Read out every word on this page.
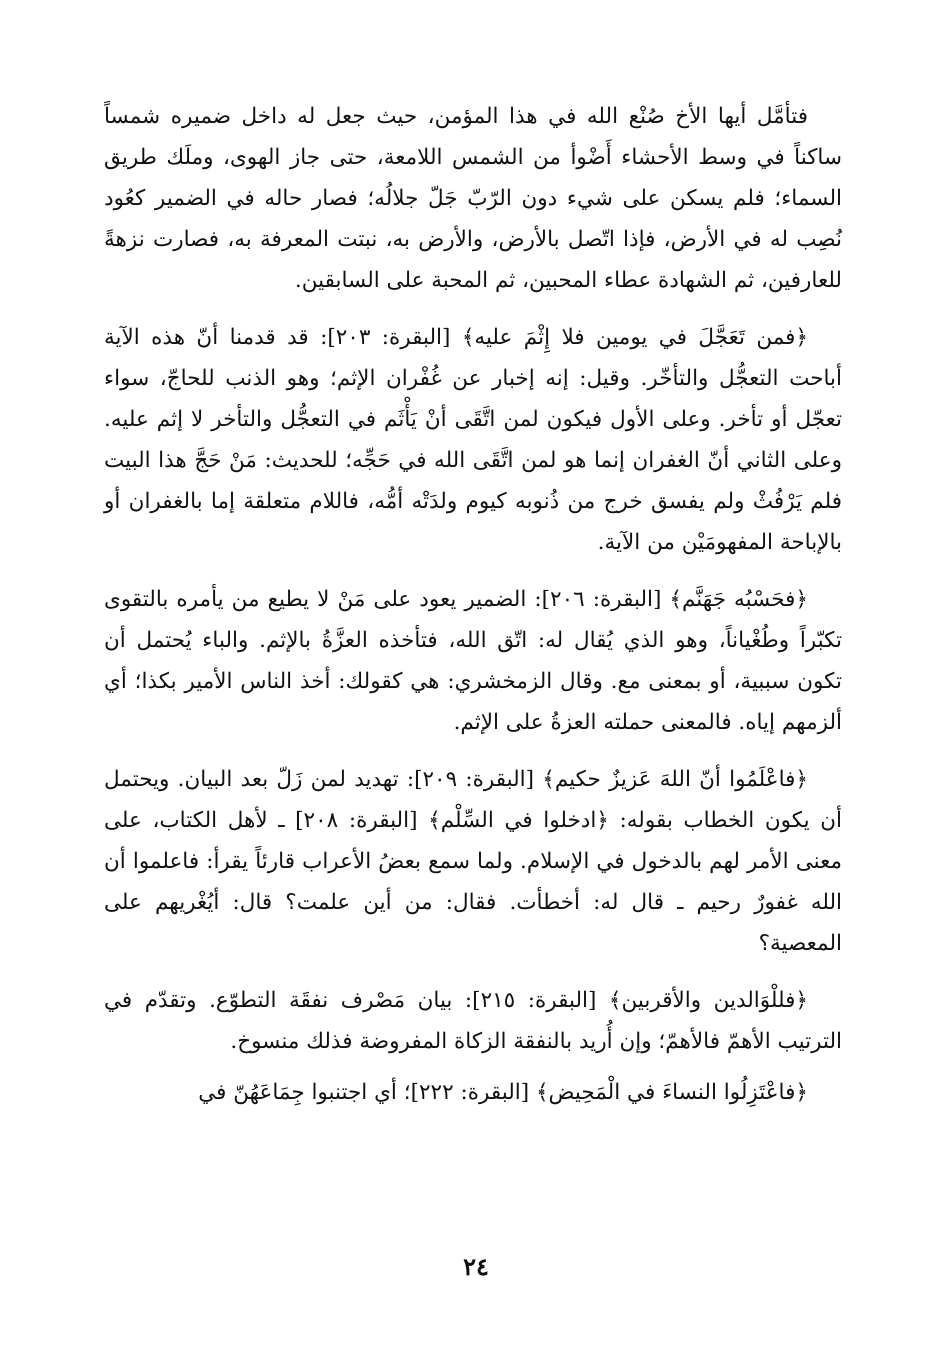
فتأمَّل أيها الأخ صُنْع الله في هذا المؤمن، حيث جعل له داخل ضميره شمساً ساكناً في وسط الأحشاء أَضْوأ من الشمس اللامعة، حتى جاز الهوى، وملَك طريق السماء؛ فلم يسكن على شيء دون الرّبّ جَلّ جلالُه؛ فصار حاله في الضمير كعُود نُصِب له في الأرض، فإذا اتّصل بالأرض، والأرض به، نبتت المعرفة به، فصارت نزهةً للعارفين، ثم الشهادة عطاء المحبين، ثم المحبة على السابقين.

﴿فمن تَعَجَّلَ في يومين فلا إِثْمَ عليه﴾ [البقرة: ٢٠٣]: قد قدمنا أنّ هذه الآية أباحت التعجُّل والتأخّر. وقيل: إنه إخبار عن غُفْران الإثم؛ وهو الذنب للحاجّ، سواء تعجّل أو تأخر. وعلى الأول فيكون لمن اتَّقَى أنْ يَأْثَم في التعجُّل والتأخر لا إثم عليه. وعلى الثاني أنّ الغفران إنما هو لمن اتَّقَى الله في حَجِّه؛ للحديث: مَنْ حَجَّ هذا البيت فلم يَرْفُثْ ولم يفسق خرج من ذُنوبه كيوم ولدَتْه أمُّه، فاللام متعلقة إما بالغفران أو بالإباحة المفهومَيْن من الآية.

﴿فحَسْبُه جَهَنَّم﴾ [البقرة: ٢٠٦]: الضمير يعود على مَنْ لا يطيع من يأمره بالتقوى تكبّراً وطُغْياناً، وهو الذي يُقال له: اتّق الله، فتأخذه العزَّةُ بالإثم. والباء يُحتمل أن تكون سببية، أو بمعنى مع. وقال الزمخشري: هي كقولك: أخذ الناس الأمير بكذا؛ أي ألزمهم إياه. فالمعنى حملته العزةُ على الإثم.

﴿فاعْلَمُوا أنّ اللهَ عَزيزٌ حكيم﴾ [البقرة: ٢٠٩]: تهديد لمن زَلّ بعد البيان. ويحتمل أن يكون الخطاب بقوله: ﴿ادخلوا في السِّلْم﴾ [البقرة: ٢٠٨] ـ لأهل الكتاب، على معنى الأمر لهم بالدخول في الإسلام. ولما سمع بعضُ الأعراب قارئاً يقرأ: فاعلموا أن الله غفورٌ رحيم ـ قال له: أخطأت. فقال: من أين علمت؟ قال: أيُغْريهم على المعصية؟

﴿فللْوَالدين والأقربين﴾ [البقرة: ٢١٥]: بيان مَصْرف نفقَة التطوّع. وتقدّم في الترتيب الأهمّ فالأهمّ؛ وإن أُريد بالنفقة الزكاة المفروضة فذلك منسوخ.

﴿فاعْتَزِلُوا النساءَ في الْمَحِيض﴾ [البقرة: ٢٢٢]؛ أي اجتنبوا جِمَاعَهُنّ في

٢٤
